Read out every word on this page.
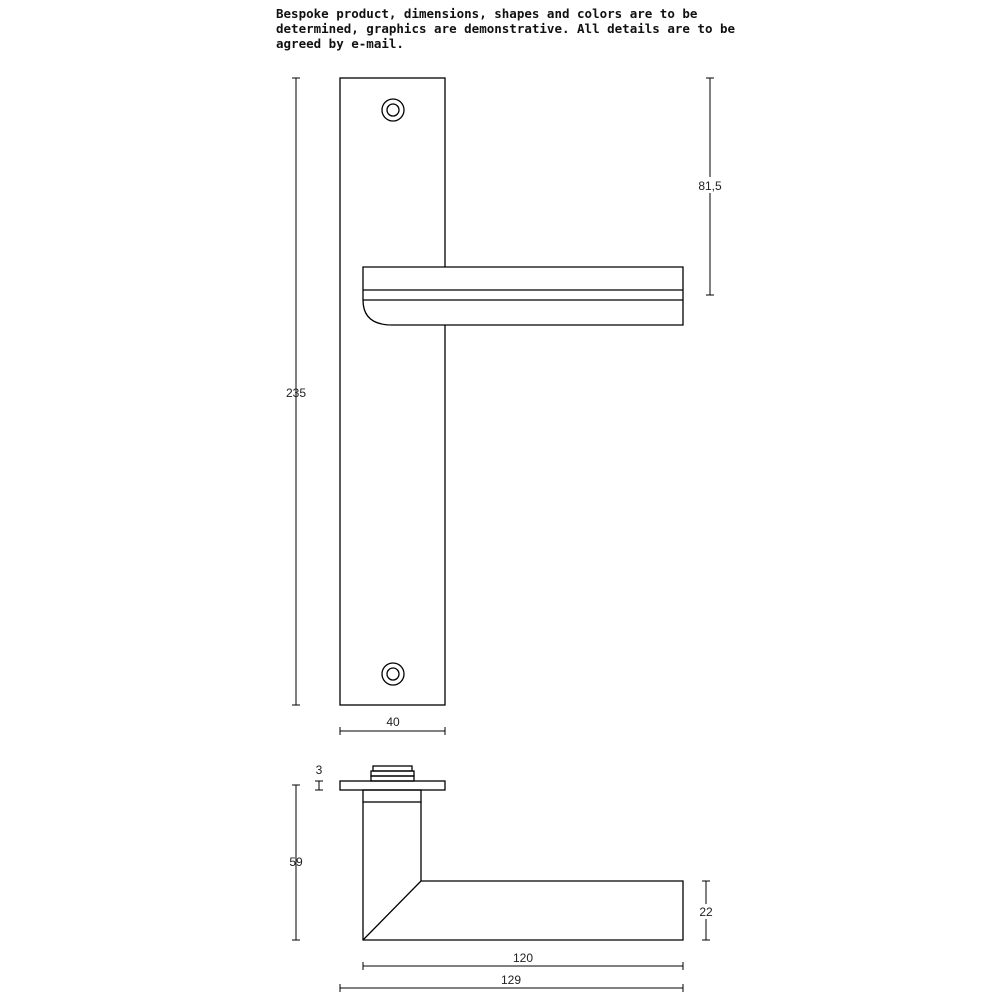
Bespoke product, dimensions, shapes and colors are to be
determined, graphics are demonstrative. All details are to be
agreed by e-mail.
235
81,5
40
3
59
22
120
129
